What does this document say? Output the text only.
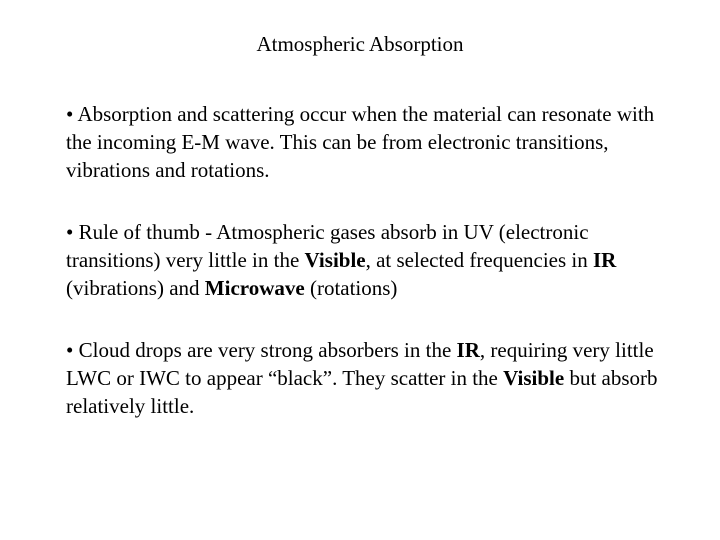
Atmospheric Absorption

• Absorption and scattering occur when the material can resonate with the incoming E-M wave. This can be from electronic transitions, vibrations and rotations.

• Rule of thumb - Atmospheric gases absorb in UV (electronic transitions) very little in the Visible, at selected frequencies in IR (vibrations) and Microwave (rotations)

• Cloud drops are very strong absorbers in the IR, requiring very little LWC or IWC to appear “black”. They scatter in the Visible but absorb relatively little.
